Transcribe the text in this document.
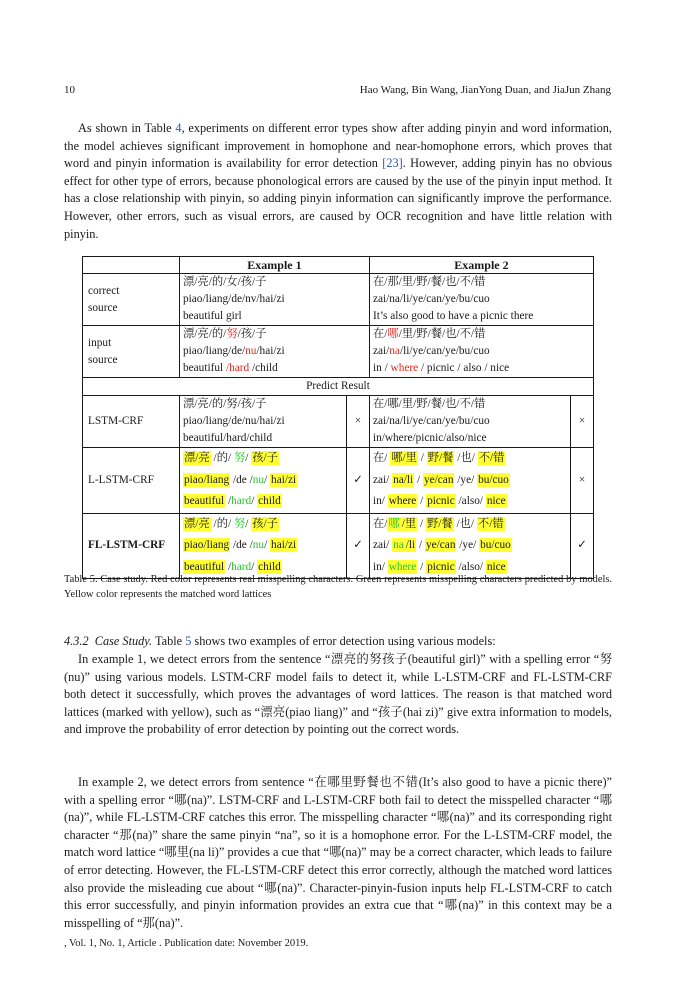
10	Hao Wang, Bin Wang, JianYong Duan, and JiaJun Zhang

As shown in Table 4, experiments on different error types show after adding pinyin and word information, the model achieves significant improvement in homophone and near-homophone errors, which proves that word and pinyin information is availability for error detection [23]. However, adding pinyin has no obvious effect for other type of errors, because phonological errors are caused by the use of the pinyin input method. It has a close relationship with pinyin, so adding pinyin information can significantly improve the performance. However, other errors, such as visual errors, are caused by OCR recognition and have little relation with pinyin.

	Example 1		Example 2	

correct
source	漂/亮/的/女/孩/子
piao/liang/de/nv/hai/zi
beautiful girl		在/那/里/野/餐/也/不/错
zai/na/li/ye/can/ye/bu/cuo
It’s also good to have a picnic there	

input
source	漂/亮/的/努/孩/子
piao/liang/de/nu/hai/zi
beautiful /hard /child		在/哪/里/野/餐/也/不/错
zai/na/li/ye/can/ye/bu/cuo
in / where / picnic / also / nice	

Predict Result				
LSTM-CRF	漂/亮/的/努/孩/子
piao/liang/de/nu/hai/zi
beautiful/hard/child	×	在/哪/里/野/餐/也/不/错
zai/na/li/ye/can/ye/bu/cuo
in/where/picnic/also/nice	×
L-LSTM-CRF	漂/亮 /的/ 努/ 孩/子
piao/liang /de /nu/ hai/zi
beautiful /hard/ child	✓	在/ 哪/里 / 野/餐 /也/ 不/错
zai/ na/li / ye/can /ye/ bu/cuo
in/ where / picnic /also/ nice	×
FL-LSTM-CRF	漂/亮 /的/ 努/ 孩/子
piao/liang /de /nu/ hai/zi
beautiful /hard/ child	✓	在/哪 /里 / 野/餐 /也/ 不/错
zai/ na /li / ye/can /ye/ bu/cuo
in/ where / picnic /also/ nice	✓

Table 5. Case study. Red color represents real misspelling characters. Green represents misspelling characters predicted by models. Yellow color represents the matched word lattices

4.3.2 Case Study. Table 5 shows two examples of error detection using various models:

In example 1, we detect errors from the sentence “漂亮的努孩子(beautiful girl)” with a spelling error “努(nu)” using various models. LSTM-CRF model fails to detect it, while L-LSTM-CRF and FL-LSTM-CRF both detect it successfully, which proves the advantages of word lattices. The reason is that matched word lattices (marked with yellow), such as “漂亮(piao liang)” and “孩子(hai zi)” give extra information to models, and improve the probability of error detection by pointing out the correct words.

In example 2, we detect errors from sentence “在哪里野餐也不错(It’s also good to have a picnic there)” with a spelling error “哪(na)”. LSTM-CRF and L-LSTM-CRF both fail to detect the misspelled character “哪(na)”, while FL-LSTM-CRF catches this error. The misspelling character “哪(na)” and its corresponding right character “那(na)” share the same pinyin “na”, so it is a homophone error. For the L-LSTM-CRF model, the match word lattice “哪里(na li)” provides a cue that “哪(na)” may be a correct character, which leads to failure of error detecting. However, the FL-LSTM-CRF detect this error correctly, although the matched word lattices also provide the misleading cue about “哪(na)”. Character-pinyin-fusion inputs help FL-LSTM-CRF to catch this error successfully, and pinyin information provides an extra cue that “哪(na)” in this context may be a misspelling of “那(na)”.

, Vol. 1, No. 1, Article . Publication date: November 2019.
